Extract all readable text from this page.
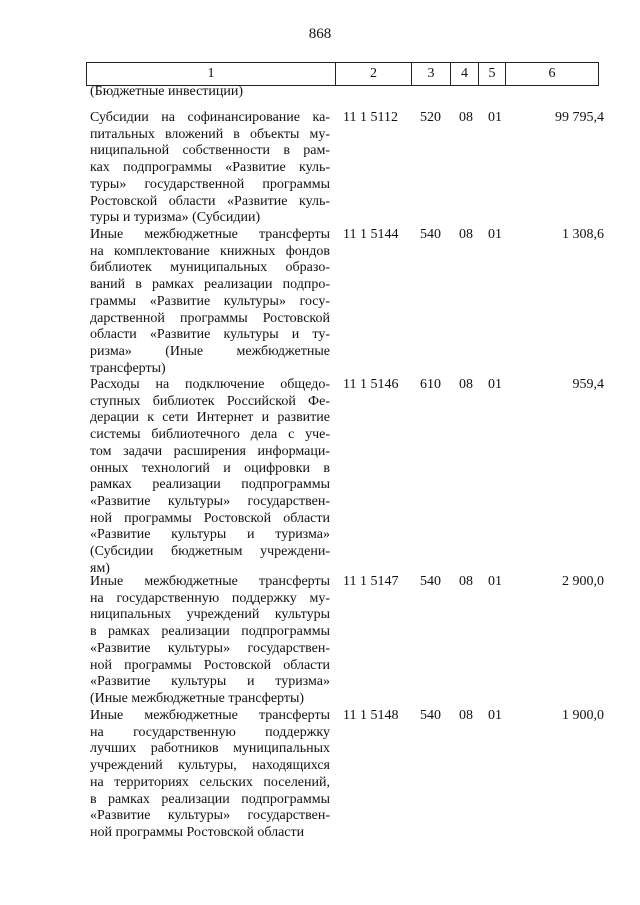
868
1	2	3	4	5	6
(Бюджетные инвестиции)
Субсидии на софинансирование ка-
питальных вложений в объекты му-
ниципальной собственности в рам-
ках подпрограммы «Развитие куль-
туры» государственной программы
Ростовской области «Развитие куль-
туры и туризма» (Субсидии)
11 1 5112	520	08	01	99 795,4
Иные межбюджетные трансферты
на комплектование книжных фондов
библиотек муниципальных образо-
ваний в рамках реализации подпро-
граммы «Развитие культуры» госу-
дарственной программы Ростовской
области «Развитие культуры и ту-
ризма» (Иные межбюджетные
трансферты)
11 1 5144	540	08	01	1 308,6
Расходы на подключение общедо-
ступных библиотек Российской Фе-
дерации к сети Интернет и развитие
системы библиотечного дела с уче-
том задачи расширения информаци-
онных технологий и оцифровки в
рамках реализации подпрограммы
«Развитие культуры» государствен-
ной программы Ростовской области
«Развитие культуры и туризма»
(Субсидии бюджетным учреждени-
ям)
11 1 5146	610	08	01	959,4
Иные межбюджетные трансферты
на государственную поддержку му-
ниципальных учреждений культуры
в рамках реализации подпрограммы
«Развитие культуры» государствен-
ной программы Ростовской области
«Развитие культуры и туризма»
(Иные межбюджетные трансферты)
11 1 5147	540	08	01	2 900,0
Иные межбюджетные трансферты
на государственную поддержку
лучших работников муниципальных
учреждений культуры, находящихся
на территориях сельских поселений,
в рамках реализации подпрограммы
«Развитие культуры» государствен-
ной программы Ростовской области
11 1 5148	540	08	01	1 900,0
